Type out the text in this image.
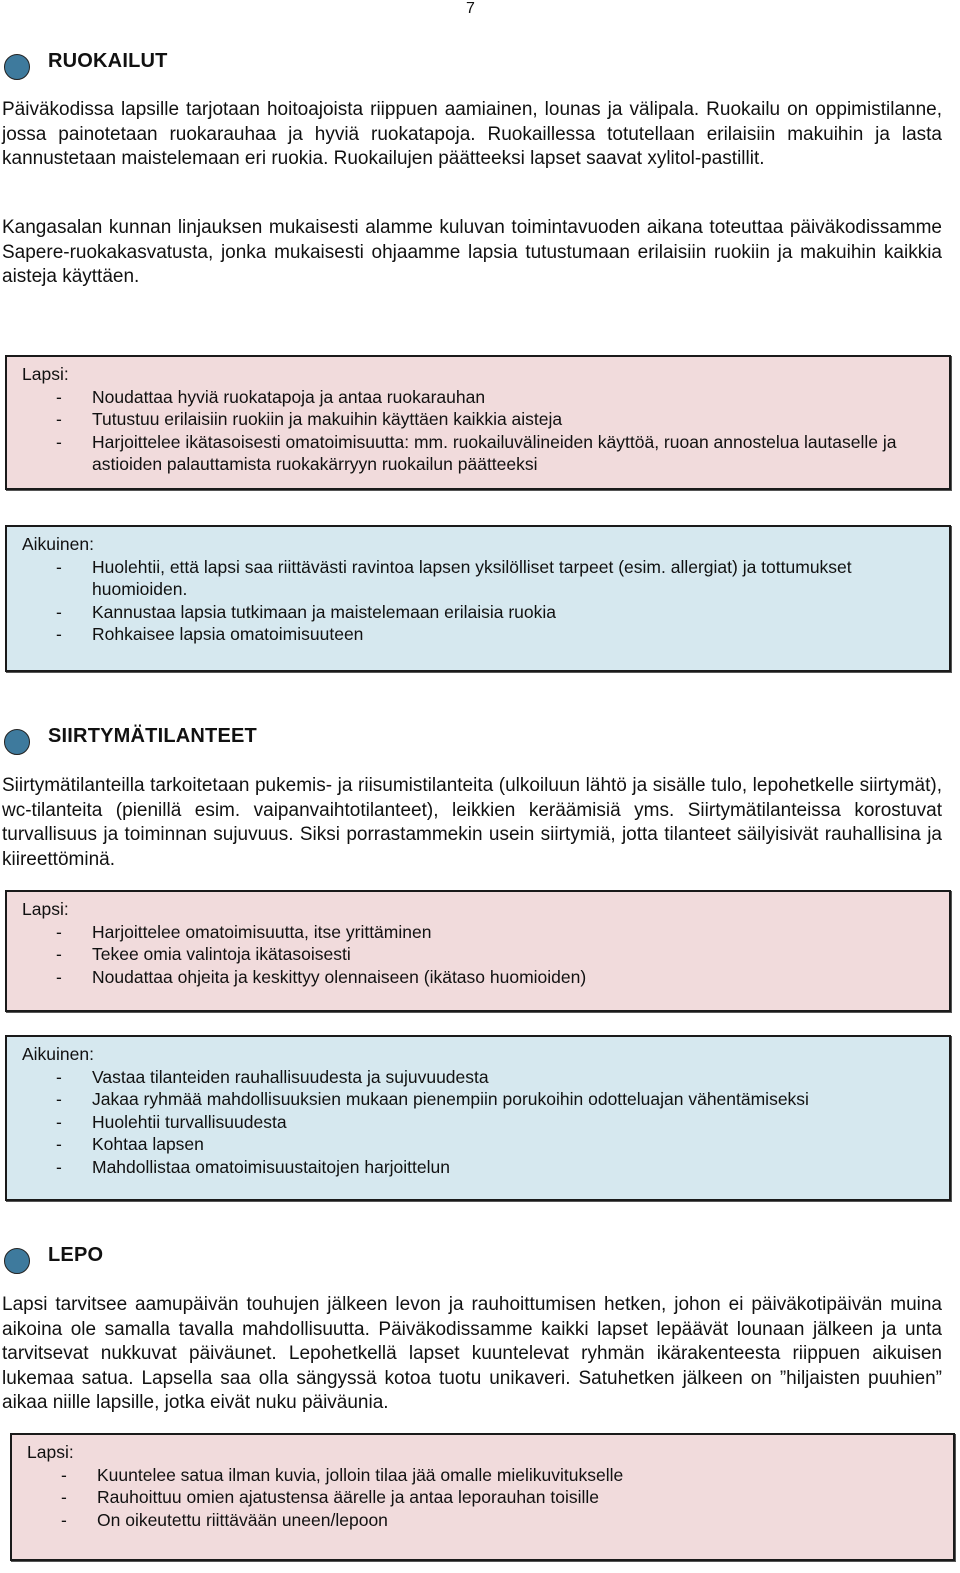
7
RUOKAILUT

Päiväkodissa lapsille tarjotaan hoitoajoista riippuen aamiainen, lounas ja välipala. Ruokailu on oppimistilanne, jossa painotetaan ruokarauhaa ja hyviä ruokatapoja. Ruokaillessa totutellaan erilaisiin makuihin ja lasta kannustetaan maistelemaan eri ruokia. Ruokailujen päätteeksi lapset saavat xylitol-pastillit.

Kangasalan kunnan linjauksen mukaisesti alamme kuluvan toimintavuoden aikana toteuttaa päiväkodissamme Sapere-ruokakasvatusta, jonka mukaisesti ohjaamme lapsia tutustumaan erilaisiin ruokiin ja makuihin kaikkia aisteja käyttäen.

Lapsi:
- Noudattaa hyviä ruokatapoja ja antaa ruokarauhan
- Tutustuu erilaisiin ruokiin ja makuihin käyttäen kaikkia aisteja
- Harjoittelee ikätasoisesti omatoimisuutta: mm. ruokailuvälineiden käyttöä, ruoan annostelua lautaselle ja astioiden palauttamista ruokakärryyn ruokailun päätteeksi
Aikuinen:
- Huolehtii, että lapsi saa riittävästi ravintoa lapsen yksilölliset tarpeet (esim. allergiat) ja tottumukset huomioiden.
- Kannustaa lapsia tutkimaan ja maistelemaan erilaisia ruokia
- Rohkaisee lapsia omatoimisuuteen
SIIRTYMÄTILANTEET

Siirtymätilanteilla tarkoitetaan pukemis- ja riisumistilanteita (ulkoiluun lähtö ja sisälle tulo, lepohetkelle siirtymät), wc-tilanteita (pienillä esim. vaipanvaihtotilanteet), leikkien keräämisiä yms. Siirtymätilanteissa korostuvat turvallisuus ja toiminnan sujuvuus. Siksi porrastammekin usein siirtymiä, jotta tilanteet säilyisivät rauhallisina ja kiireettöminä.

Lapsi:
- Harjoittelee omatoimisuutta, itse yrittäminen
- Tekee omia valintoja ikätasoisesti
- Noudattaa ohjeita ja keskittyy olennaiseen (ikätaso huomioiden)
Aikuinen:
- Vastaa tilanteiden rauhallisuudesta ja sujuvuudesta
- Jakaa ryhmää mahdollisuuksien mukaan pienempiin porukoihin odotteluajan vähentämiseksi
- Huolehtii turvallisuudesta
- Kohtaa lapsen
- Mahdollistaa omatoimisuustaitojen harjoittelun
LEPO

Lapsi tarvitsee aamupäivän touhujen jälkeen levon ja rauhoittumisen hetken, johon ei päiväkotipäivän muina aikoina ole samalla tavalla mahdollisuutta. Päiväkodissamme kaikki lapset lepäävät lounaan jälkeen ja unta tarvitsevat nukkuvat päiväunet. Lepohetkellä lapset kuuntelevat ryhmän ikärakenteesta riippuen aikuisen lukemaa satua. Lapsella saa olla sängyssä kotoa tuotu unikaveri. Satuhetken jälkeen on ”hiljaisten puuhien” aikaa niille lapsille, jotka eivät nuku päiväunia.

Lapsi:
- Kuuntelee satua ilman kuvia, jolloin tilaa jää omalle mielikuvitukselle
- Rauhoittuu omien ajatustensa äärelle ja antaa leporauhan toisille
- On oikeutettu riittävään uneen/lepoon
